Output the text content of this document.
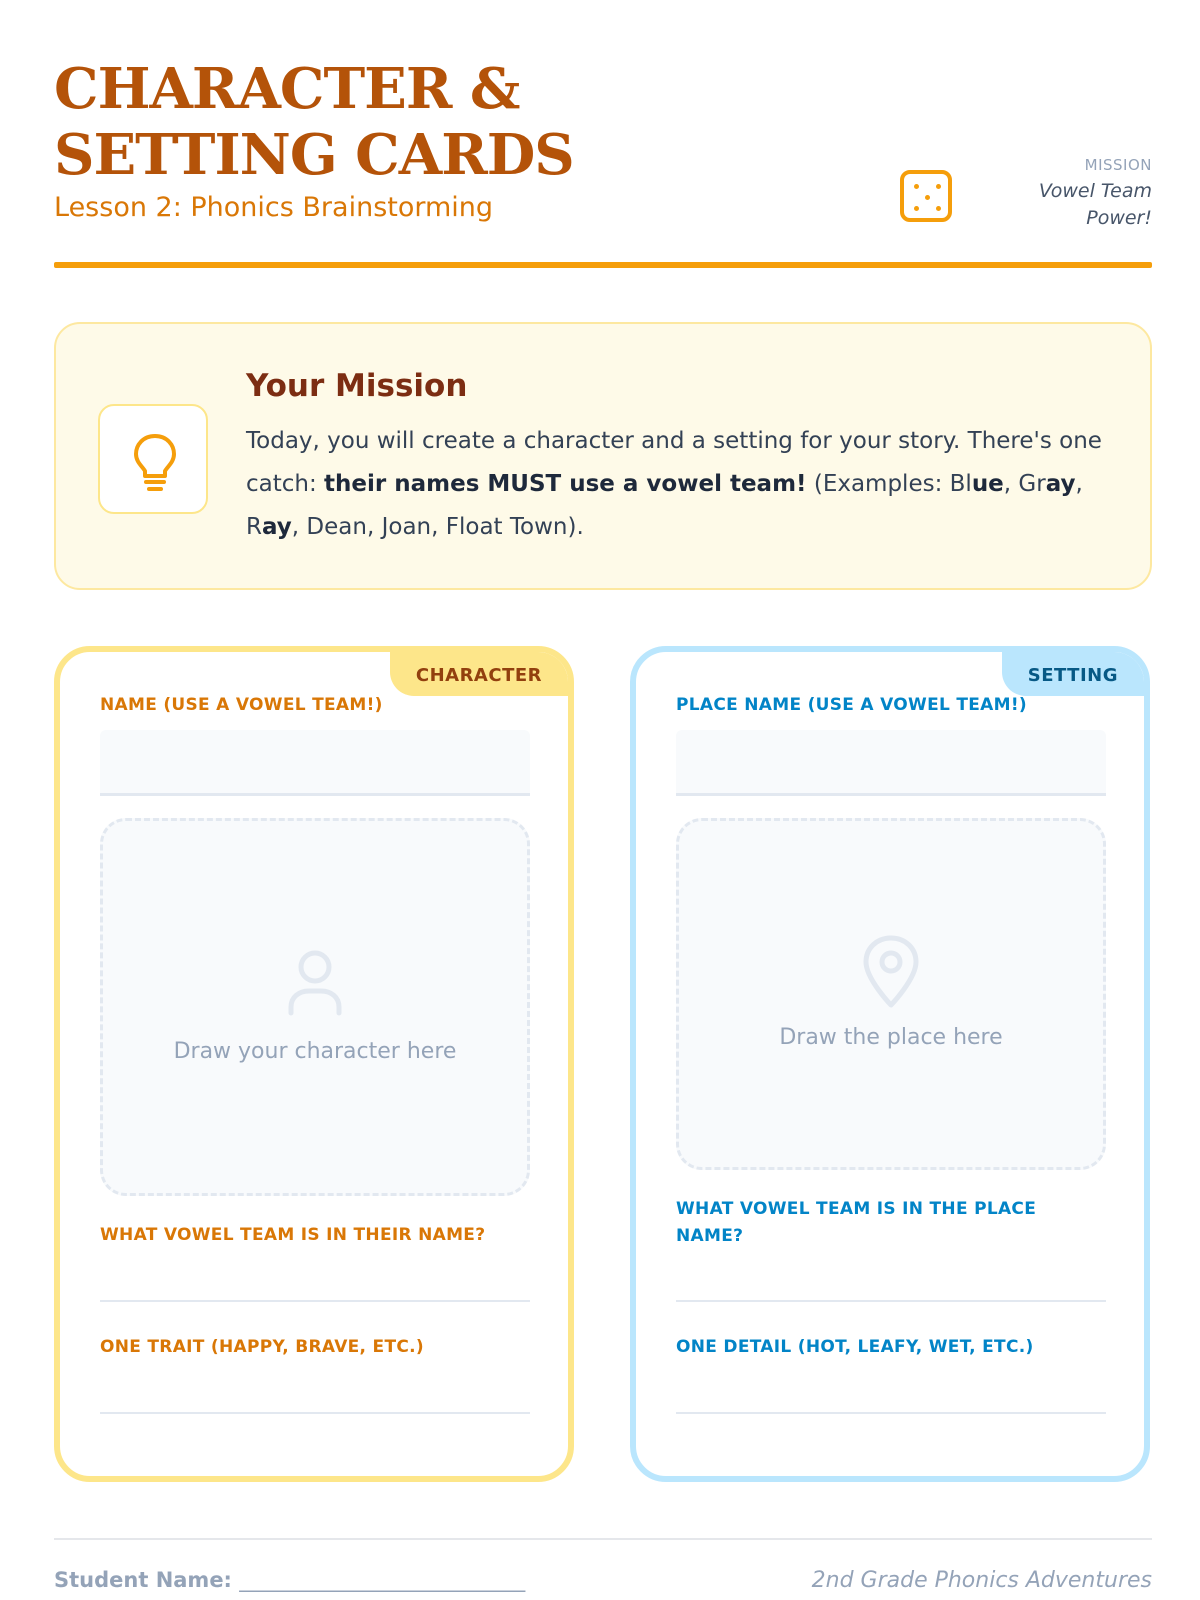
CHARACTER & SETTING CARDS
Lesson 2: Phonics Brainstorming
MISSION
Vowel Team Power!
Your Mission

Today, you will create a character and a setting for your story. There's one catch: their names MUST use a vowel team! (Examples: Blue, Gray, Ray, Dean, Joan, Float Town).

CHARACTER
NAME (USE A VOWEL TEAM!)
Draw your character here
WHAT VOWEL TEAM IS IN THEIR NAME?
ONE TRAIT (HAPPY, BRAVE, ETC.)
SETTING
PLACE NAME (USE A VOWEL TEAM!)
Draw the place here
WHAT VOWEL TEAM IS IN THE PLACE NAME?
ONE DETAIL (HOT, LEAFY, WET, ETC.)
Student Name: ______________________________	2nd Grade Phonics Adventures
